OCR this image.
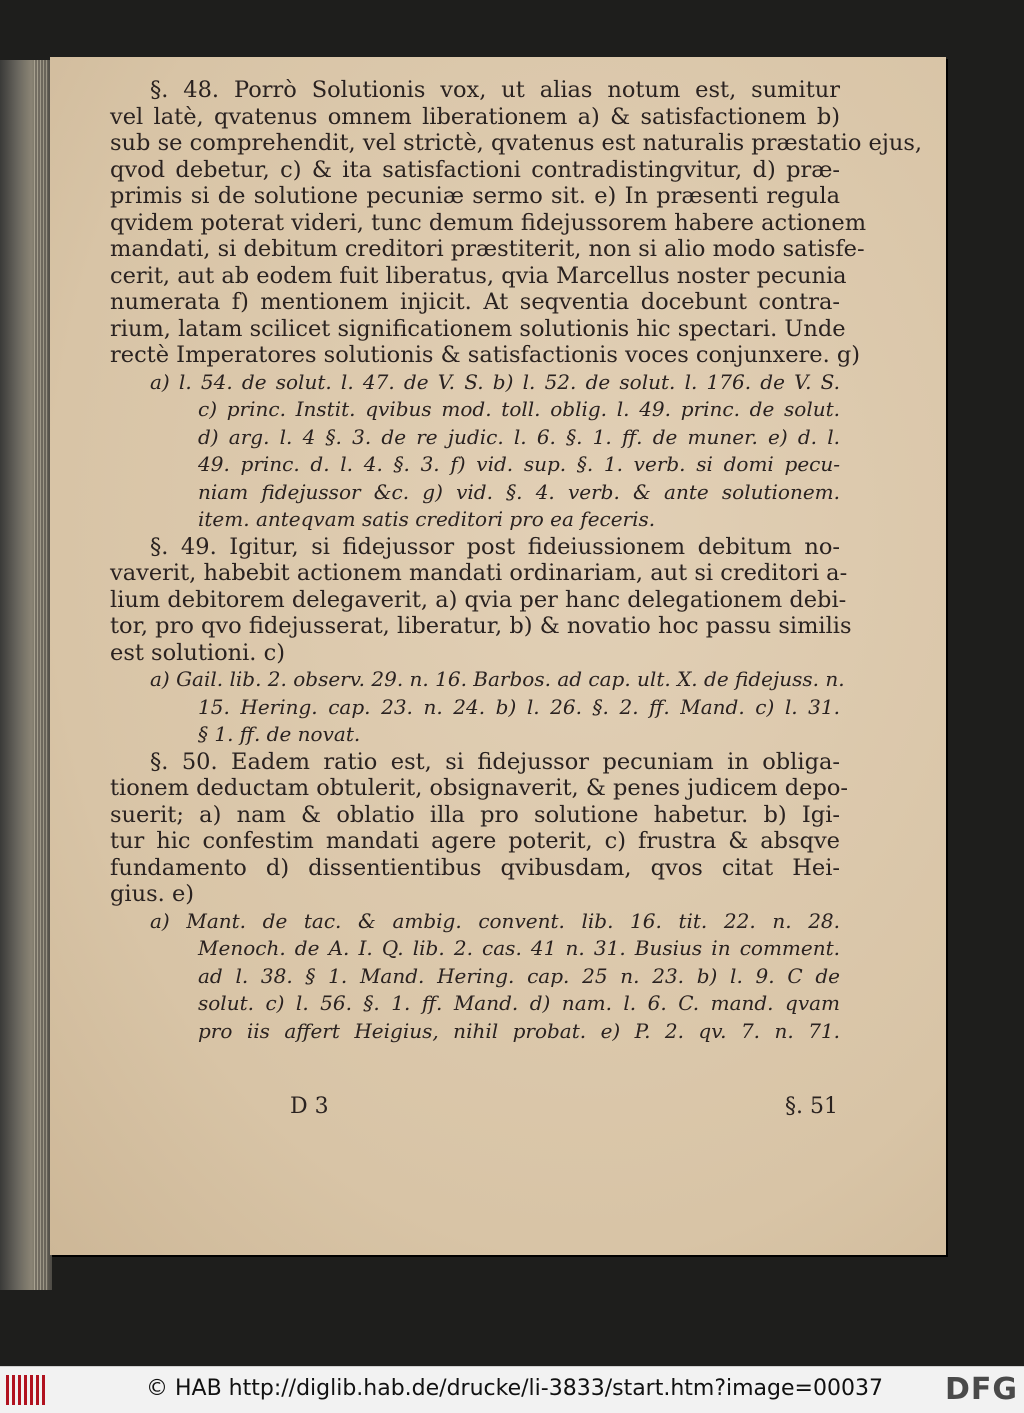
§. 48. Porrò Solutionis vox, ut alias notum est, sumitur
vel latè, qvatenus omnem liberationem a) & satisfactionem b)
sub se comprehendit, vel strictè, qvatenus est naturalis præstatio ejus,
qvod debetur, c) & ita satisfactioni contradistingvitur, d) præ-
primis si de solutione pecuniæ sermo sit. e) In præsenti regula
qvidem poterat videri, tunc demum fidejussorem habere actionem
mandati, si debitum creditori præstiterit, non si alio modo satisfe-
cerit, aut ab eodem fuit liberatus, qvia Marcellus noster pecunia
numerata f) mentionem injicit. At seqventia docebunt contra-
rium, latam scilicet significationem solutionis hic spectari. Unde
rectè Imperatores solutionis & satisfactionis voces conjunxere. g)
a) l. 54. de solut. l. 47. de V. S. b) l. 52. de solut. l. 176. de V. S.
c) princ. Instit. qvibus mod. toll. oblig. l. 49. princ. de solut.
d) arg. l. 4 §. 3. de re judic. l. 6. §. 1. ff. de muner. e) d. l.
49. princ. d. l. 4. §. 3. f) vid. sup. §. 1. verb. si domi pecu-
niam fidejussor &c. g) vid. §. 4. verb. & ante solutionem.
item. antеqvam satis creditori pro ea feceris.
§. 49. Igitur, si fidejussor post fideiussionem debitum no-
vaverit, habebit actionem mandati ordinariam, aut si creditori a-
lium debitorem delegaverit, a) qvia per hanc delegationem debi-
tor, pro qvo fidejusserat, liberatur, b) & novatio hoc passu similis
est solutioni. c)
a) Gail. lib. 2. observ. 29. n. 16. Barbos. ad cap. ult. X. de fidejuss. n.
15. Hering. cap. 23. n. 24. b) l. 26. §. 2. ff. Mand. c) l. 31.
§ 1. ff. de novat.
§. 50. Eadem ratio est, si fidejussor pecuniam in obliga-
tionem deductam obtulerit, obsignaverit, & penes judicem depo-
suerit; a) nam & oblatio illa pro solutione habetur. b) Igi-
tur hic confestim mandati agere poterit, c) frustra & absqve
fundamento d) dissentientibus qvibusdam, qvos citat Hei-
gius. e)
a) Mant. de tac. & ambig. convent. lib. 16. tit. 22. n. 28.
Menoch. de A. I. Q. lib. 2. cas. 41 n. 31. Busius in comment.
ad l. 38. § 1. Mand. Hering. cap. 25 n. 23. b) l. 9. C de
solut. c) l. 56. §. 1. ff. Mand. d) nam. l. 6. C. mand. qvam
pro iis affert Heigius, nihil probat. e) P. 2. qv. 7. n. 71.
D 3	§. 51
© HAB http://diglib.hab.de/drucke/li-3833/start.htm?image=00037 DFG
